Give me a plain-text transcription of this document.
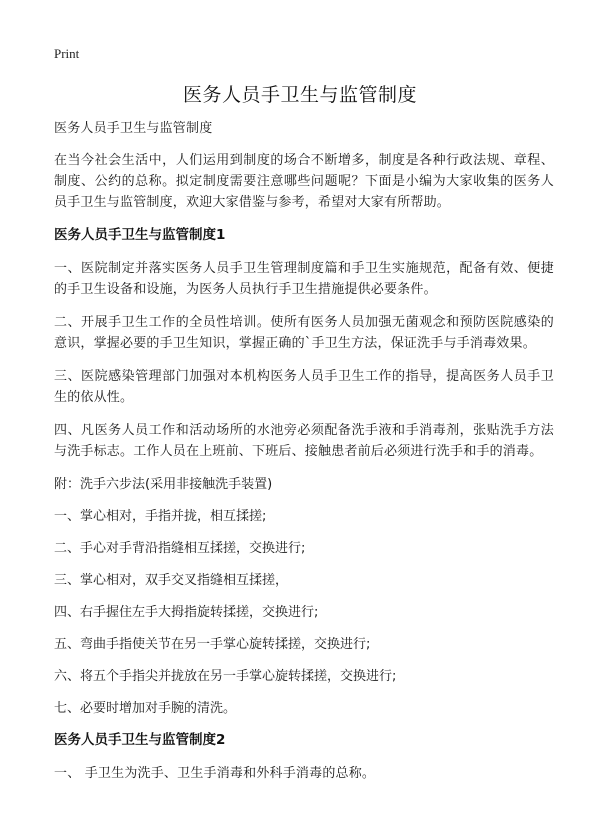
Print
医务人员手卫生与监管制度

医务人员手卫生与监管制度

在当今社会生活中，人们运用到制度的场合不断增多，制度是各种行政法规、章程、制度、公约的总称。拟定制度需要注意哪些问题呢？下面是小编为大家收集的医务人员手卫生与监管制度，欢迎大家借鉴与参考，希望对大家有所帮助。

医务人员手卫生与监管制度1

一、医院制定并落实医务人员手卫生管理制度篇和手卫生实施规范，配备有效、便捷的手卫生设备和设施，为医务人员执行手卫生措施提供必要条件。

二、开展手卫生工作的全员性培训。使所有医务人员加强无菌观念和预防医院感染的意识，掌握必要的手卫生知识，掌握正确的`手卫生方法，保证洗手与手消毒效果。

三、医院感染管理部门加强对本机构医务人员手卫生工作的指导，提高医务人员手卫生的依从性。

四、凡医务人员工作和活动场所的水池旁必须配备洗手液和手消毒剂，张贴洗手方法与洗手标志。工作人员在上班前、下班后、接触患者前后必须进行洗手和手的消毒。

附：洗手六步法(采用非接触洗手装置)

一、掌心相对，手指并拢，相互揉搓;

二、手心对手背沿指缝相互揉搓，交换进行;

三、掌心相对，双手交叉指缝相互揉搓，

四、右手握住左手大拇指旋转揉搓，交换进行;

五、弯曲手指使关节在另一手掌心旋转揉搓，交换进行;

六、将五个手指尖并拢放在另一手掌心旋转揉搓，交换进行;

七、必要时增加对手腕的清洗。

医务人员手卫生与监管制度2

一、 手卫生为洗手、卫生手消毒和外科手消毒的总称。
